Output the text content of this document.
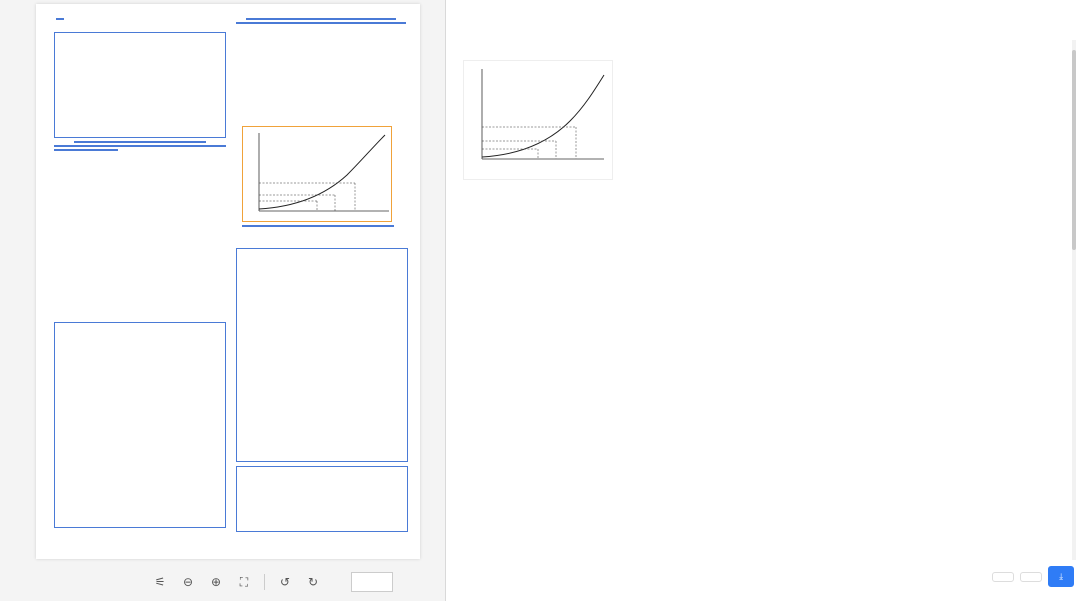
⚟ ⊖ ⊕	⛶	↺ ↻	⤓
